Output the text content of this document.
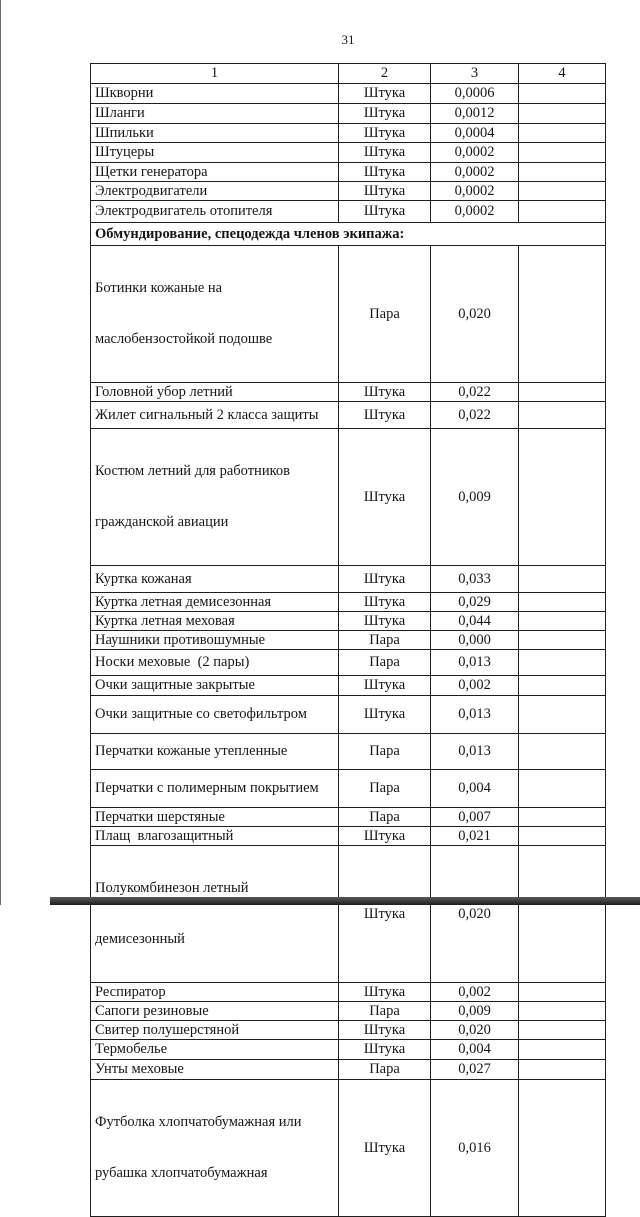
31
1	2	3	4
Шкворни	Штука	0,0006	
Шланги	Штука	0,0012	
Шпильки	Штука	0,0004	
Штуцеры	Штука	0,0002	
Щетки генератора	Штука	0,0002	
Электродвигатели	Штука	0,0002	
Электродвигатель отопителя	Штука	0,0002	
Обмундирование, спецодежда членов экипажа:			

Ботинки кожаные на

маслобензостойкой подошве	Пара	0,020	
Головной убор летний	Штука	0,022	
Жилет сигнальный 2 класса защиты	Штука	0,022	

Костюм летний для работников

гражданской авиации	Штука	0,009	
Куртка кожаная	Штука	0,033	
Куртка летная демисезонная	Штука	0,029	
Куртка летная меховая	Штука	0,044	
Наушники противошумные	Пара	0,000	
Носки меховые  (2 пары)	Пара	0,013	
Очки защитные закрытые	Штука	0,002	
Очки защитные со светофильтром	Штука	0,013	
Перчатки кожаные утепленные	Пара	0,013	
Перчатки с полимерным покрытием	Пара	0,004	
Перчатки шерстяные	Пара	0,007	
Плащ  влагозащитный	Штука	0,021	

Полукомбинезон летный

демисезонный	Штука	0,020	
Респиратор	Штука	0,002	
Сапоги резиновые	Пара	0,009	
Свитер полушерстяной	Штука	0,020	
Термобелье	Штука	0,004	
Унты меховые	Пара	0,027	

Футболка хлопчатобумажная или

рубашка хлопчатобумажная	Штука	0,016	
